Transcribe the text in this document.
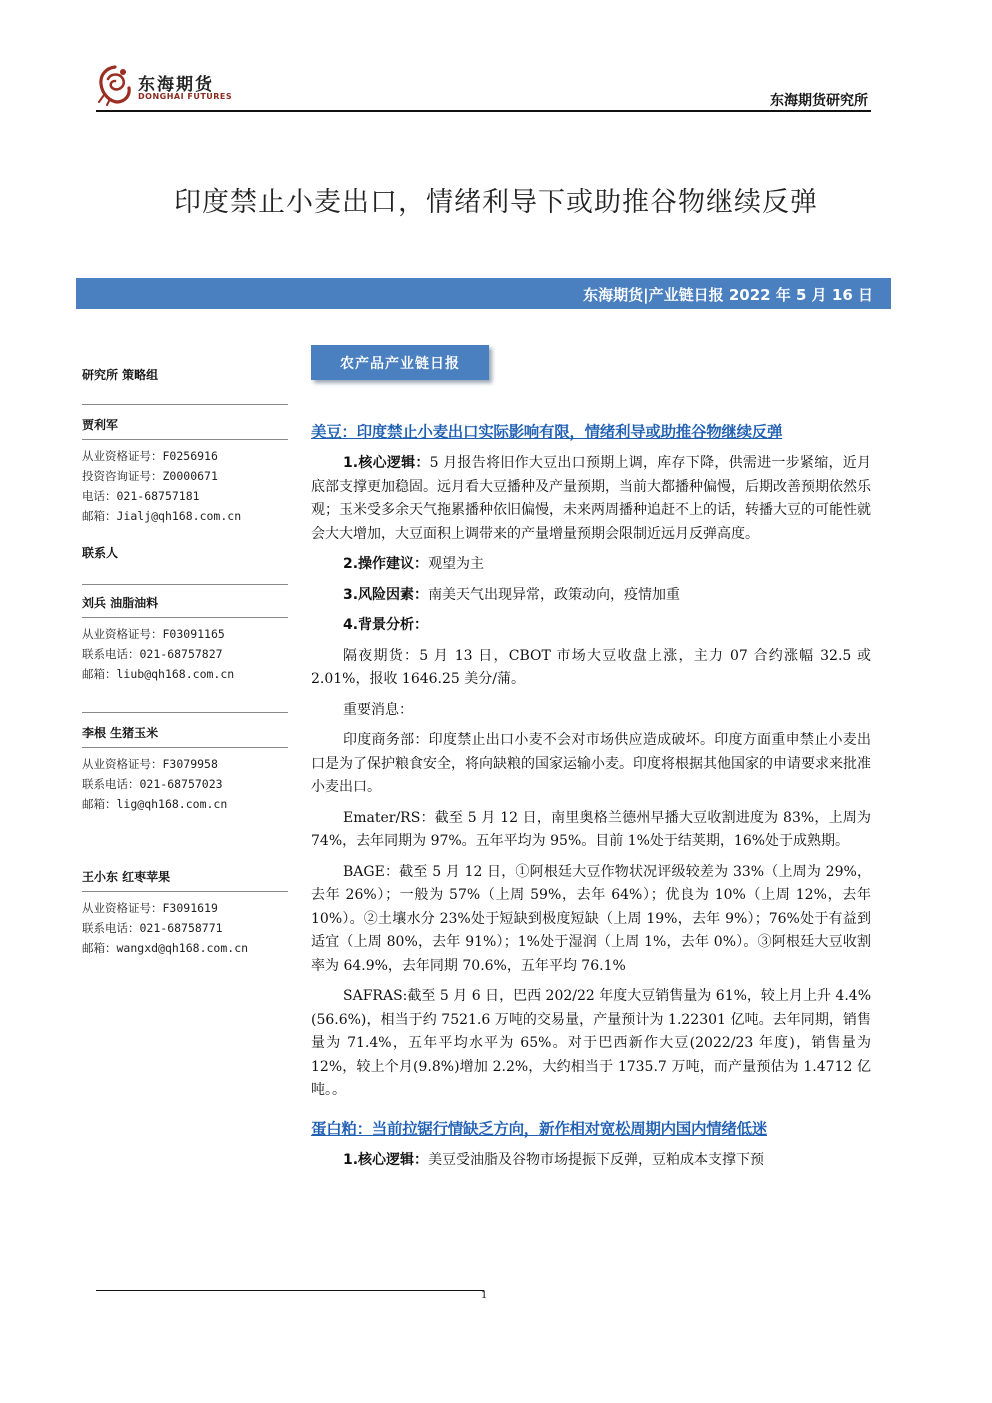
东海期货
DONGHAI FUTURES	东海期货研究所
印度禁止小麦出口，情绪利导下或助推谷物继续反弹
东海期货|产业链日报 2022 年 5 月 16 日
研究所 策略组
贾利军
从业资格证号：F0256916
投资咨询证号：Z0000671
电话：021-68757181
邮箱：Jialj@qh168.com.cn
联系人
刘兵 油脂油料
从业资格证号：F03091165
联系电话：021-68757827
邮箱：liub@qh168.com.cn
李根 生猪玉米
从业资格证号：F3079958
联系电话：021-68757023
邮箱：lig@qh168.com.cn
王小东 红枣苹果
从业资格证号：F3091619
联系电话：021-68758771
邮箱：wangxd@qh168.com.cn
农产品产业链日报
美豆：印度禁止小麦出口实际影响有限，情绪利导或助推谷物继续反弹

1.核心逻辑：5 月报告将旧作大豆出口预期上调，库存下降，供需进一步紧缩，近月底部支撑更加稳固。远月看大豆播种及产量预期，当前大都播种偏慢，后期改善预期依然乐观；玉米受多余天气拖累播种依旧偏慢，未来两周播种追赶不上的话，转播大豆的可能性就会大大增加，大豆面积上调带来的产量增量预期会限制近远月反弹高度。

2.操作建议：观望为主

3.风险因素：南美天气出现异常，政策动向，疫情加重

4.背景分析：

隔夜期货：5 月 13 日，CBOT 市场大豆收盘上涨，主力 07 合约涨幅 32.5 或 2.01%，报收 1646.25 美分/蒲。

重要消息：

印度商务部：印度禁止出口小麦不会对市场供应造成破坏。印度方面重申禁止小麦出口是为了保护粮食安全，将向缺粮的国家运输小麦。印度将根据其他国家的申请要求来批准小麦出口。

Emater/RS：截至 5 月 12 日，南里奥格兰德州早播大豆收割进度为 83%，上周为 74%，去年同期为 97%。五年平均为 95%。目前 1%处于结荚期，16%处于成熟期。

BAGE：截至 5 月 12 日，①阿根廷大豆作物状况评级较差为 33%（上周为 29%，去年 26%）；一般为 57%（上周 59%，去年 64%）；优良为 10%（上周 12%，去年 10%）。②土壤水分 23%处于短缺到极度短缺（上周 19%，去年 9%）；76%处于有益到适宜（上周 80%，去年 91%）；1%处于湿润（上周 1%，去年 0%）。③阿根廷大豆收割率为 64.9%，去年同期 70.6%，五年平均 76.1%

SAFRAS:截至 5 月 6 日，巴西 202/22 年度大豆销售量为 61%，较上月上升 4.4%(56.6%)，相当于约 7521.6 万吨的交易量，产量预计为 1.22301 亿吨。去年同期，销售量为 71.4%，五年平均水平为 65%。对于巴西新作大豆(2022/23 年度)，销售量为 12%，较上个月(9.8%)增加 2.2%，大约相当于 1735.7 万吨，而产量预估为 1.4712 亿吨。。

蛋白粕：当前拉锯行情缺乏方向，新作相对宽松周期内国内情绪低迷

1.核心逻辑：美豆受油脂及谷物市场提振下反弹，豆粕成本支撑下预

1
